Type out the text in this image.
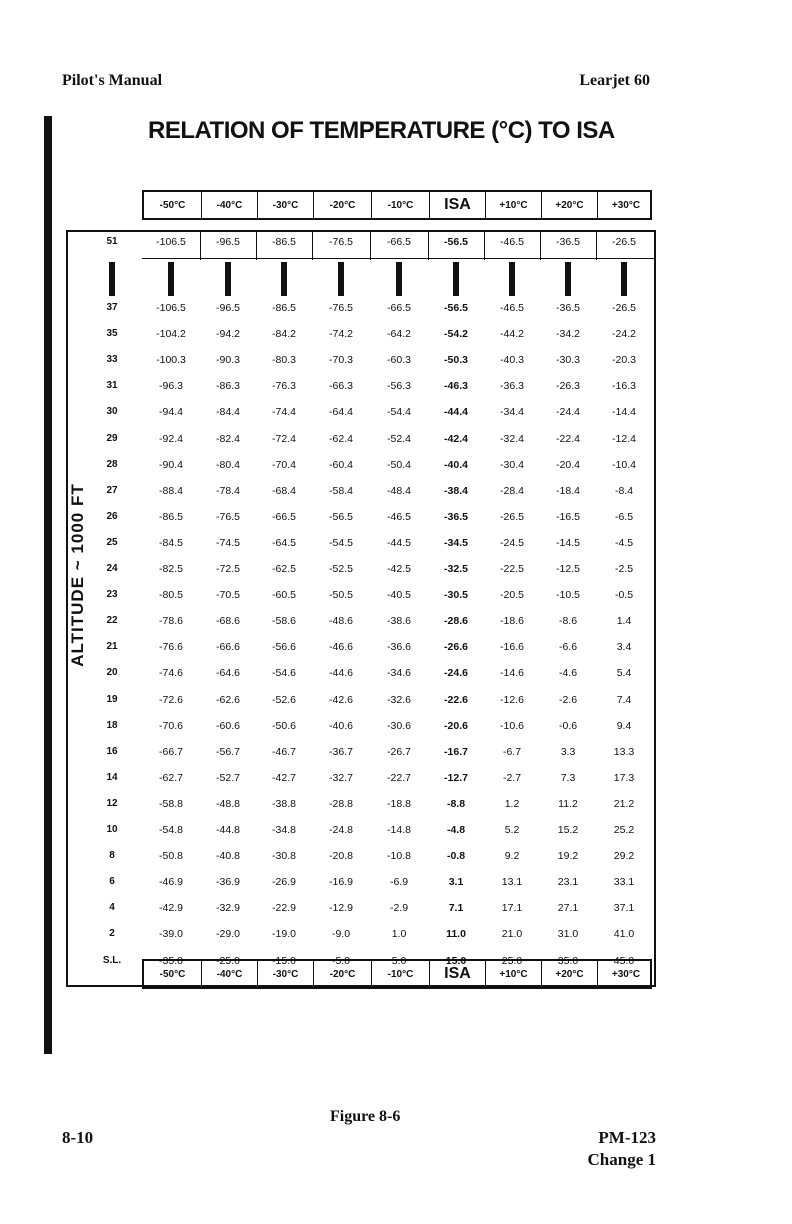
Pilot's Manual	Learjet 60
RELATION OF TEMPERATURE (°C) TO ISA
-50°C	-40°C	-30°C	-20°C	-10°C	ISA	+10°C	+20°C	+30°C
ALTITUDE ~ 1000 FT
-50°C	-40°C	-30°C	-20°C	-10°C	ISA	+10°C	+20°C	+30°C
Figure 8-6
8-10	PM-123
Change 1
51	-106.5	-96.5	-86.5	-76.5	-66.5	-56.5	-46.5	-36.5	-26.5
37	-106.5	-96.5	-86.5	-76.5	-66.5	-56.5	-46.5	-36.5	-26.5
35	-104.2	-94.2	-84.2	-74.2	-64.2	-54.2	-44.2	-34.2	-24.2
33	-100.3	-90.3	-80.3	-70.3	-60.3	-50.3	-40.3	-30.3	-20.3
31	-96.3	-86.3	-76.3	-66.3	-56.3	-46.3	-36.3	-26.3	-16.3
30	-94.4	-84.4	-74.4	-64.4	-54.4	-44.4	-34.4	-24.4	-14.4
29	-92.4	-82.4	-72.4	-62.4	-52.4	-42.4	-32.4	-22.4	-12.4
28	-90.4	-80.4	-70.4	-60.4	-50.4	-40.4	-30.4	-20.4	-10.4
27	-88.4	-78.4	-68.4	-58.4	-48.4	-38.4	-28.4	-18.4	-8.4
26	-86.5	-76.5	-66.5	-56.5	-46.5	-36.5	-26.5	-16.5	-6.5
25	-84.5	-74.5	-64.5	-54.5	-44.5	-34.5	-24.5	-14.5	-4.5
24	-82.5	-72.5	-62.5	-52.5	-42.5	-32.5	-22.5	-12.5	-2.5
23	-80.5	-70.5	-60.5	-50.5	-40.5	-30.5	-20.5	-10.5	-0.5
22	-78.6	-68.6	-58.6	-48.6	-38.6	-28.6	-18.6	-8.6	1.4
21	-76.6	-66.6	-56.6	-46.6	-36.6	-26.6	-16.6	-6.6	3.4
20	-74.6	-64.6	-54.6	-44.6	-34.6	-24.6	-14.6	-4.6	5.4
19	-72.6	-62.6	-52.6	-42.6	-32.6	-22.6	-12.6	-2.6	7.4
18	-70.6	-60.6	-50.6	-40.6	-30.6	-20.6	-10.6	-0.6	9.4
16	-66.7	-56.7	-46.7	-36.7	-26.7	-16.7	-6.7	3.3	13.3
14	-62.7	-52.7	-42.7	-32.7	-22.7	-12.7	-2.7	7.3	17.3
12	-58.8	-48.8	-38.8	-28.8	-18.8	-8.8	1.2	11.2	21.2
10	-54.8	-44.8	-34.8	-24.8	-14.8	-4.8	5.2	15.2	25.2
8	-50.8	-40.8	-30.8	-20.8	-10.8	-0.8	9.2	19.2	29.2
6	-46.9	-36.9	-26.9	-16.9	-6.9	3.1	13.1	23.1	33.1
4	-42.9	-32.9	-22.9	-12.9	-2.9	7.1	17.1	27.1	37.1
2	-39.0	-29.0	-19.0	-9.0	1.0	11.0	21.0	31.0	41.0
S.L.	-35.0	-25.0	-15.0	-5.0	5.0	15.0	25.0	35.0	45.0
